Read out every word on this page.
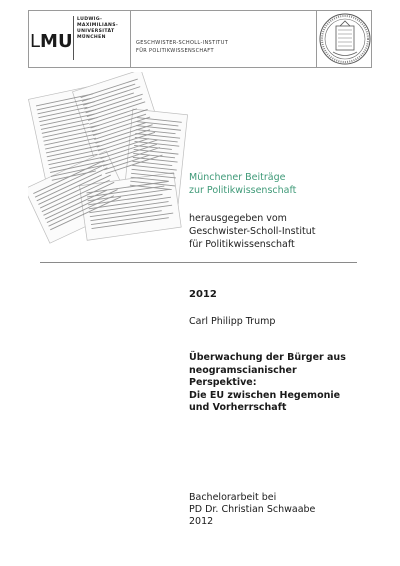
LMU
LUDWIG-
MAXIMILIANS-
UNIVERSITÄT
MÜNCHEN
GESCHWISTER-SCHOLL-INSTITUT
FÜR POLITIKWISSENSCHAFT
Münchener Beiträge
zur Politikwissenschaft
herausgegeben vom
Geschwister-Scholl-Institut
für Politikwissenschaft
2012
Carl Philipp Trump
Überwachung der Bürger aus
neogramscianischer
Perspektive:
Die EU zwischen Hegemonie
und Vorherrschaft
Bachelorarbeit bei
PD Dr. Christian Schwaabe
2012
